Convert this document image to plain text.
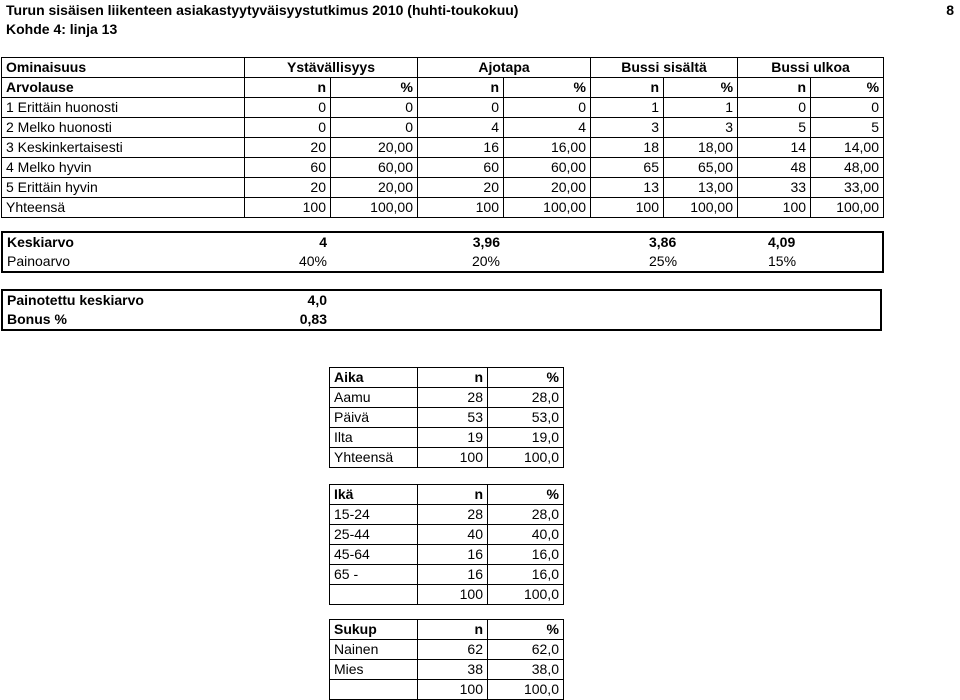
Turun sisäisen liikenteen asiakastyytyväisyystutkimus 2010 (huhti-toukokuu)
Kohde 4: linja 13
8
Ominaisuus	Ystävällisyys		Ajotapa		Bussi sisältä		Bussi ulkoa	
Arvolause	n	%	n	%	n	%	n	%
1 Erittäin huonosti	0	0	0	0	1	1	0	0
2 Melko huonosti	0	0	4	4	3	3	5	5
3 Keskinkertaisesti	20	20,00	16	16,00	18	18,00	14	14,00
4 Melko hyvin	60	60,00	60	60,00	65	65,00	48	48,00
5 Erittäin hyvin	20	20,00	20	20,00	13	13,00	33	33,00
Yhteensä	100	100,00	100	100,00	100	100,00	100	100,00
Keskiarvo	4		3,96		3,86	4,09
Painoarvo	40%		20%		25%	15%
Painotettu keskiarvo	4,0	
Bonus %	0,83	
Aika	n	%
Aamu	28	28,0
Päivä	53	53,0
Ilta	19	19,0
Yhteensä	100	100,0
Ikä	n	%
15-24	28	28,0
25-44	40	40,0
45-64	16	16,0
65 -	16	16,0
	100	100,0
Sukup	n	%
Nainen	62	62,0
Mies	38	38,0
	100	100,0
